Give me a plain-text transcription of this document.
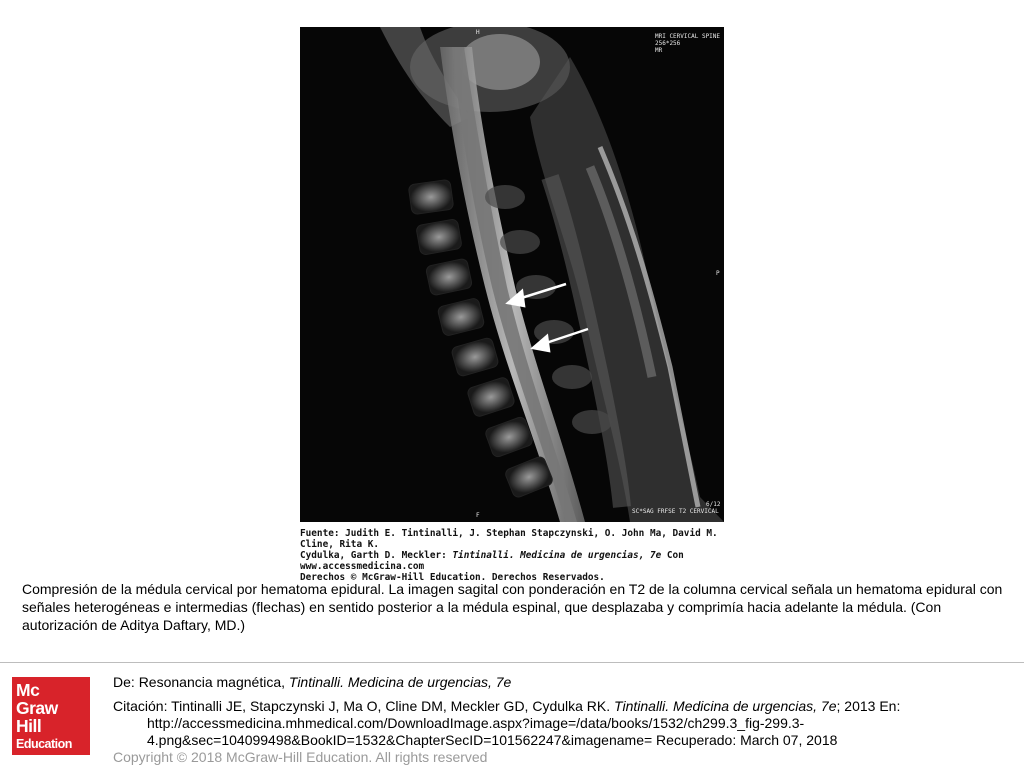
MRI CERVICAL SPINE
256*256
MR
H
P
F
6/12
SC*SAG FRFSE T2 CERVICAL
Fuente: Judith E. Tintinalli, J. Stephan Stapczynski, O. John Ma, David M. Cline, Rita K.
Cydulka, Garth D. Meckler: Tintinalli. Medicina de urgencias, 7e Con www.accessmedicina.com
Derechos © McGraw-Hill Education. Derechos Reservados.
Compresión de la médula cervical por hematoma epidural. La imagen sagital con ponderación en T2 de la columna cervical señala un hematoma epidural con señales heterogéneas e intermedias (flechas) en sentido posterior a la médula espinal, que desplazaba y comprimía hacia adelante la médula. (Con autorización de Aditya Daftary, MD.)
Mc
Graw
Hill
Education
De: Resonancia magnética, Tintinalli. Medicina de urgencias, 7e
Citación: Tintinalli JE, Stapczynski J, Ma O, Cline DM, Meckler GD, Cydulka RK. Tintinalli. Medicina de urgencias, 7e; 2013 En:
http://accessmedicina.mhmedical.com/DownloadImage.aspx?image=/data/books/1532/ch299.3_fig-299.3-
4.png&sec=104099498&BookID=1532&ChapterSecID=101562247&imagename= Recuperado: March 07, 2018
Copyright © 2018 McGraw-Hill Education. All rights reserved
